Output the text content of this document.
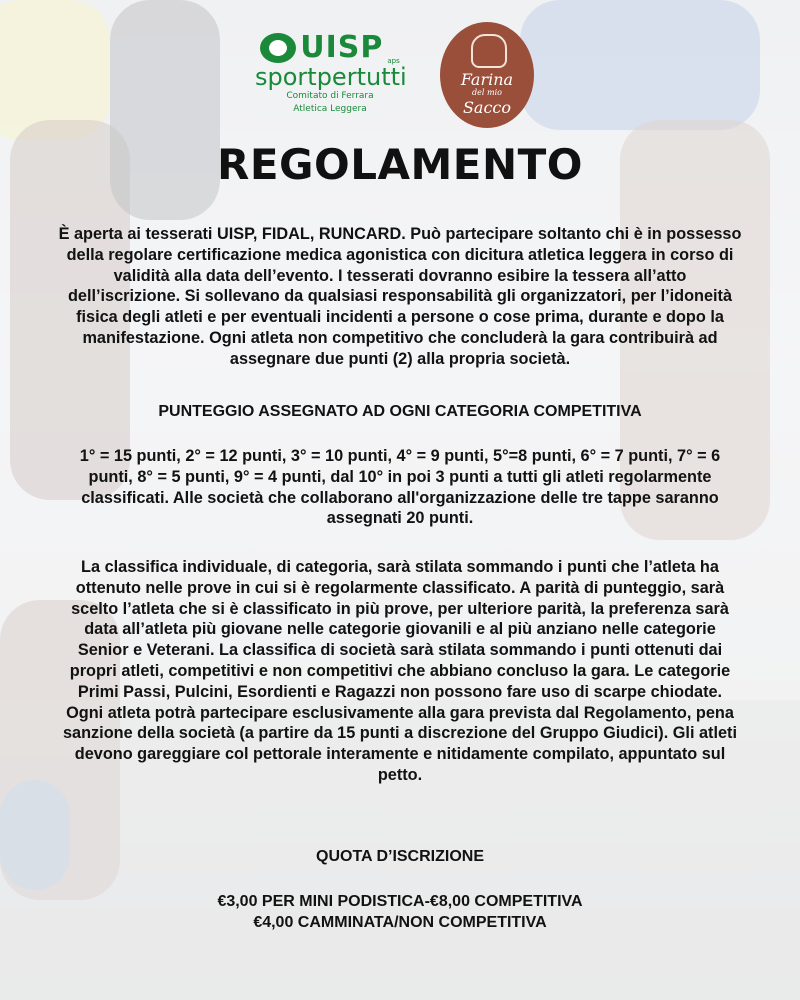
UISP aps
sportpertutti
Comitato di Ferrara
Atletica Leggera
Farina
del mio
Sacco
REGOLAMENTO
È aperta ai tesserati UISP, FIDAL, RUNCARD. Può partecipare soltanto chi è in possesso della regolare certificazione medica agonistica con dicitura atletica leggera in corso di validità alla data dell’evento. I tesserati dovranno esibire la tessera all’atto dell’iscrizione. Si sollevano da qualsiasi responsabilità gli organizzatori, per l’idoneità fisica degli atleti e per eventuali incidenti a persone o cose prima, durante e dopo la manifestazione. Ogni atleta non competitivo che concluderà la gara contribuirà ad assegnare due punti (2) alla propria società.
PUNTEGGIO ASSEGNATO AD OGNI CATEGORIA COMPETITIVA
1° = 15 punti, 2° = 12 punti, 3° = 10 punti, 4° = 9 punti, 5°=8 punti, 6° = 7 punti, 7° = 6 punti, 8° = 5 punti, 9° = 4 punti, dal 10° in poi 3 punti a tutti gli atleti regolarmente classificati. Alle società che collaborano all'organizzazione delle tre tappe saranno assegnati 20 punti.
La classifica individuale, di categoria, sarà stilata sommando i punti che l’atleta ha ottenuto nelle prove in cui si è regolarmente classificato. A parità di punteggio, sarà scelto l’atleta che si è classificato in più prove, per ulteriore parità, la preferenza sarà data all’atleta più giovane nelle categorie giovanili e al più anziano nelle categorie Senior e Veterani. La classifica di società sarà stilata sommando i punti ottenuti dai propri atleti, competitivi e non competitivi che abbiano concluso la gara. Le categorie Primi Passi, Pulcini, Esordienti e Ragazzi non possono fare uso di scarpe chiodate. Ogni atleta potrà partecipare esclusivamente alla gara prevista dal Regolamento, pena sanzione della società (a partire da 15 punti a discrezione del Gruppo Giudici). Gli atleti devono gareggiare col pettorale interamente e nitidamente compilato, appuntato sul petto.
QUOTA D’ISCRIZIONE
€3,00 PER MINI PODISTICA-€8,00 COMPETITIVA
€4,00 CAMMINATA/NON COMPETITIVA
